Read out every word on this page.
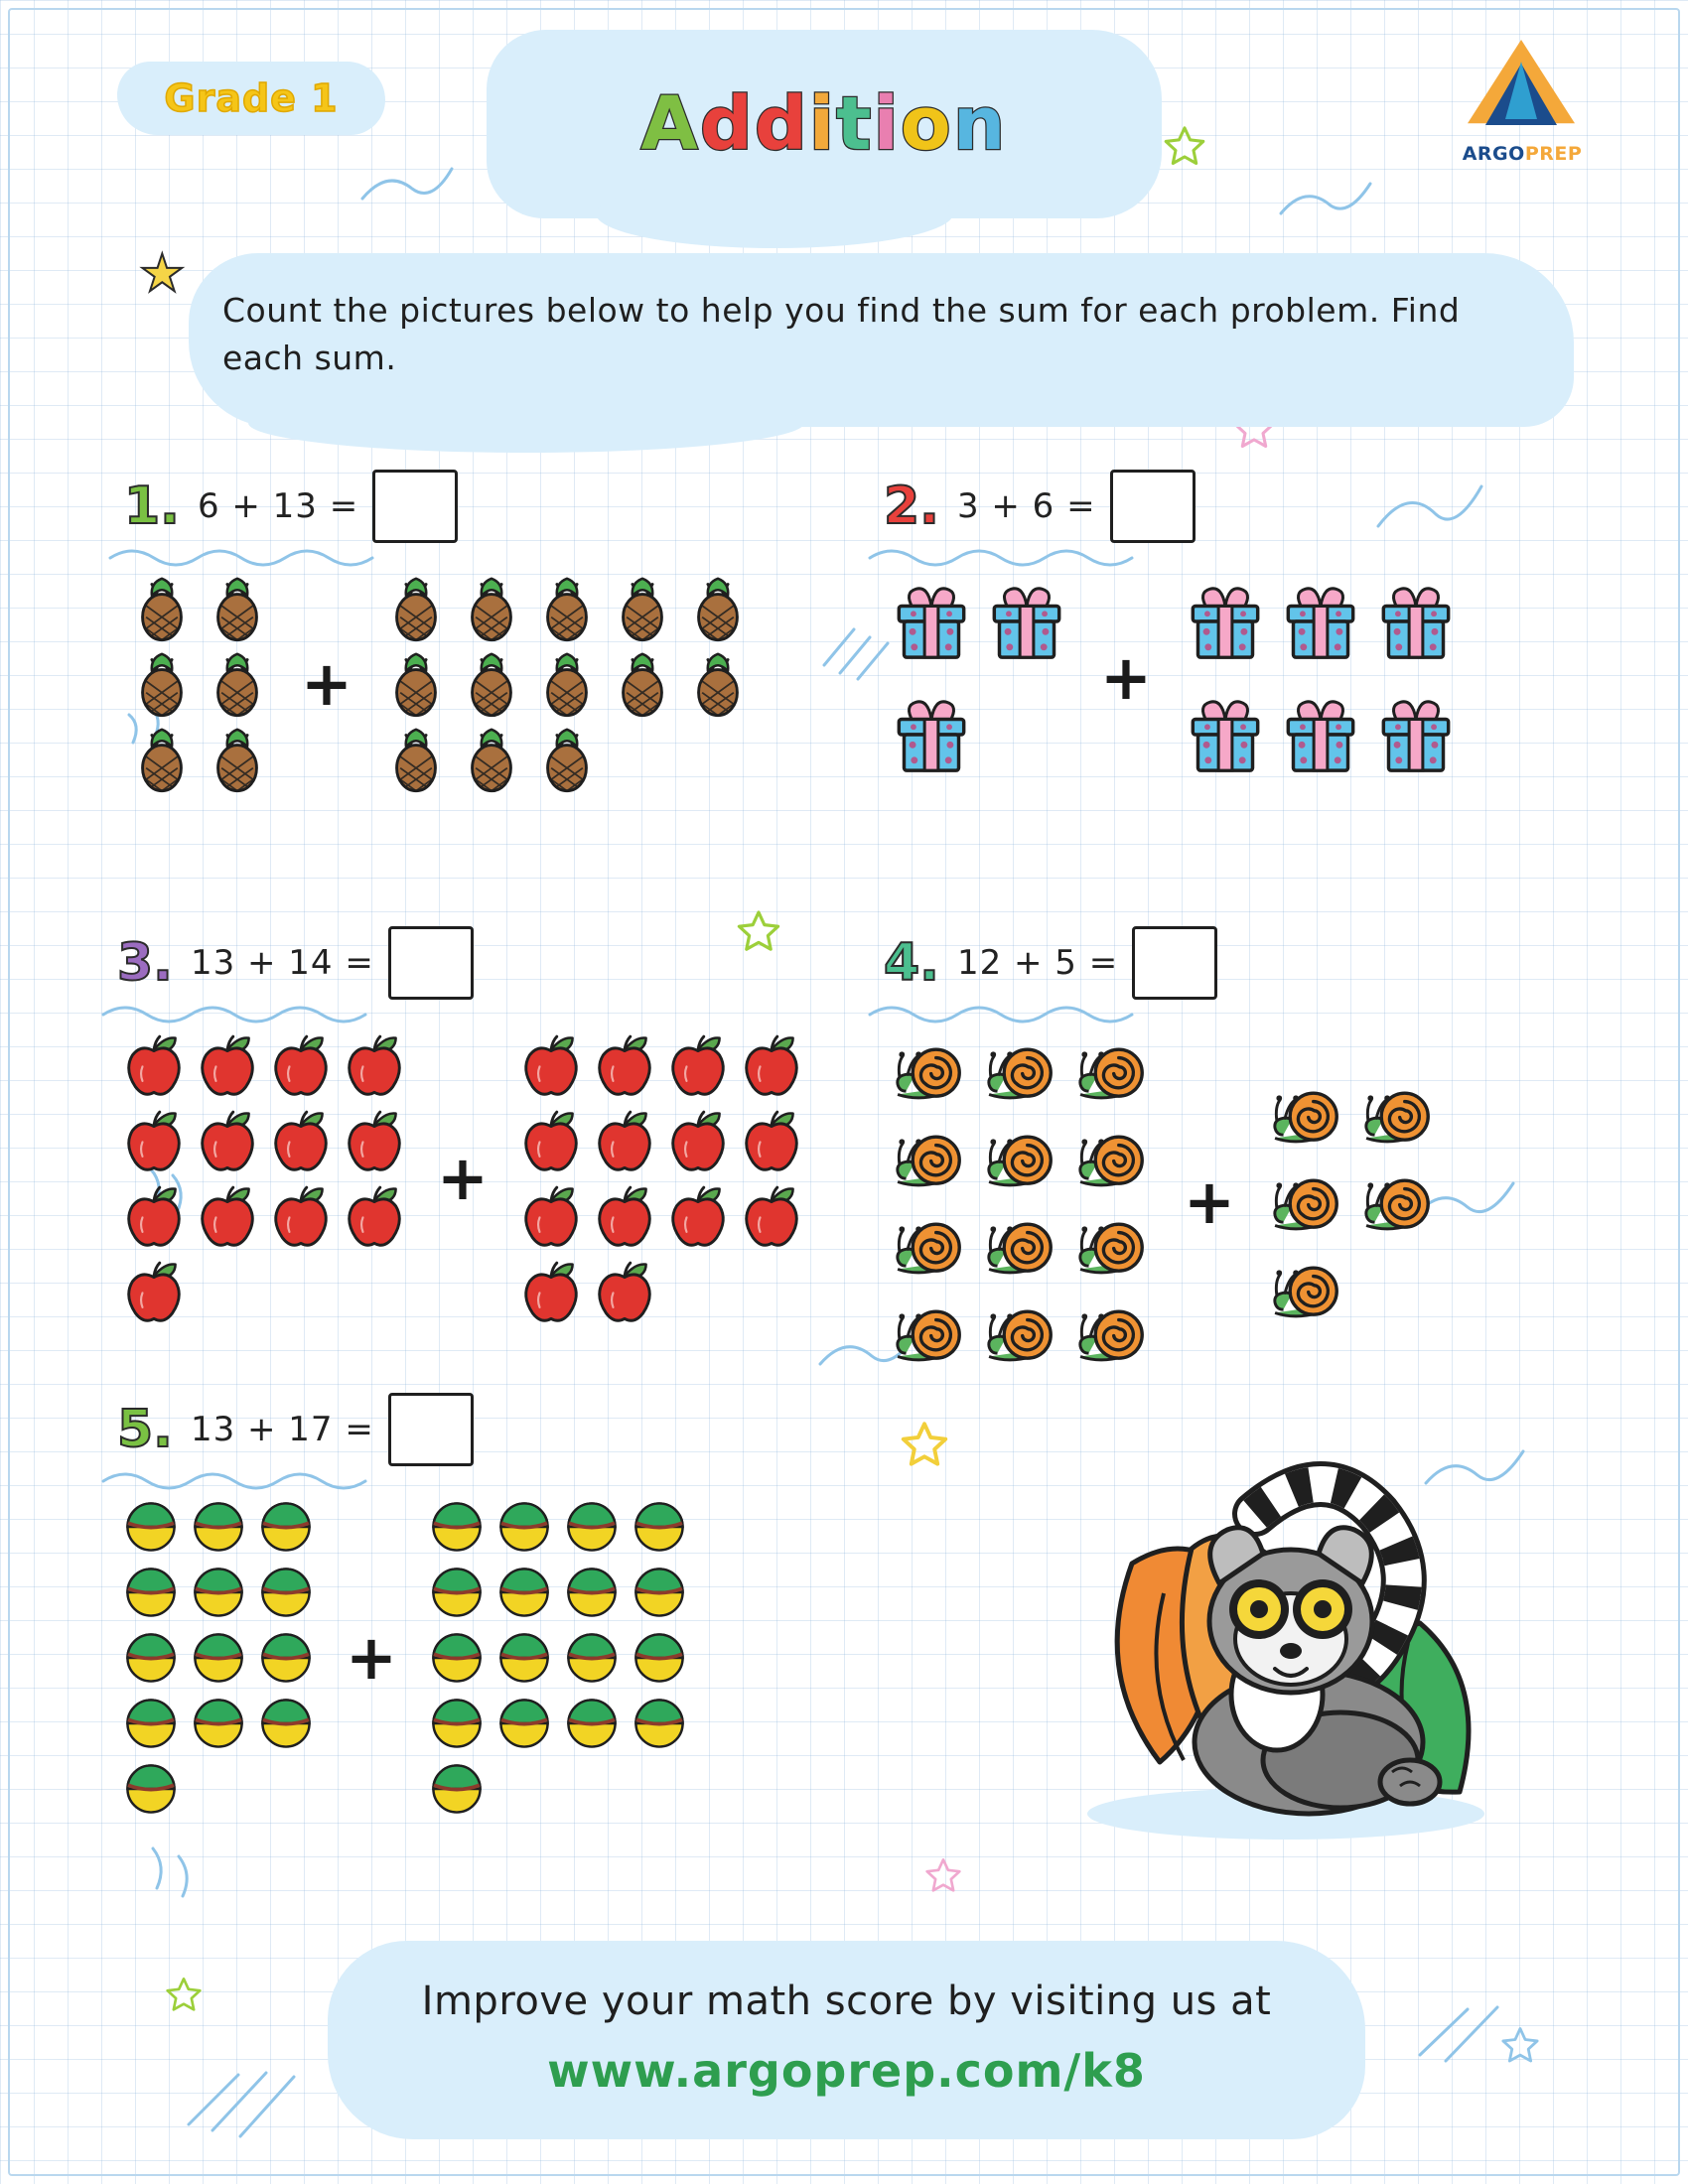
Grade 1	Addition	ARGOPREP
Count the pictures below to help you find the sum for each problem. Find each sum.
★
1. 6 + 13 =
+
2. 3 + 6 =
+
3. 13 + 14 =
+
4. 12 + 5 =
+
5. 13 + 17 =
+
Improve your math score by visiting us at
www.argoprep.com/k8
